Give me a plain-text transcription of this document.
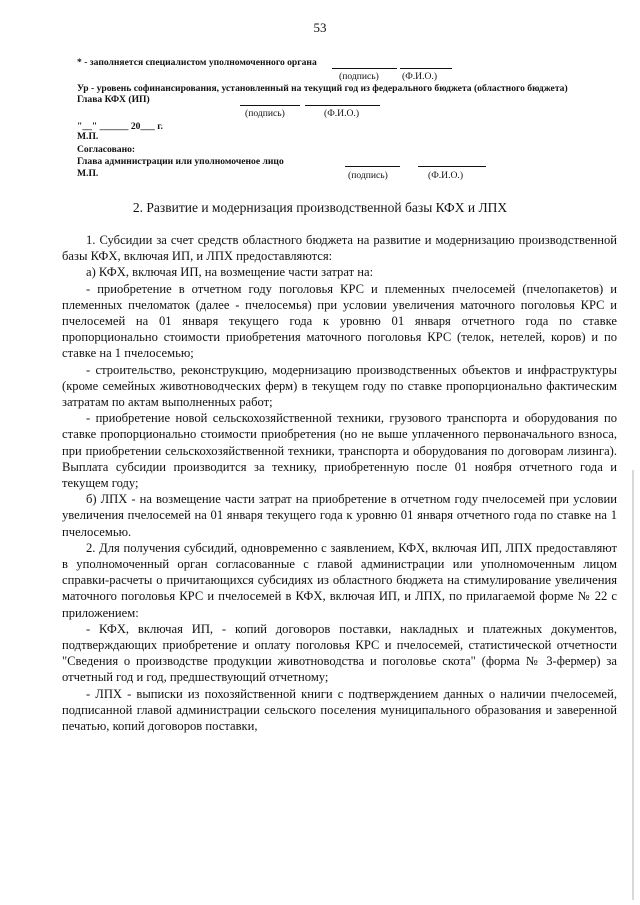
53
* - заполняется специалистом уполномоченного органа
(подпись) (Ф.И.О.)
Ур - уровень софинансирования, установленный на текущий год из федерального бюджета (областного бюджета)
Глава КФХ (ИП)
(подпись)	(Ф.И.О.)
"__" ______ 20___ г.
М.П.
Согласовано:
Глава администрации или уполномоченое лицо
М.П.	(подпись)	(Ф.И.О.)
2. Развитие и модернизация производственной базы КФХ и ЛПХ

1. Субсидии за счет средств областного бюджета на развитие и модернизацию производственной базы КФХ, включая ИП, и ЛПХ предоставляются:

а) КФХ, включая ИП, на возмещение части затрат на:

- приобретение в отчетном году поголовья КРС и племенных пчелосемей (пчелопакетов) и племенных пчеломаток (далее - пчелосемья) при условии увеличения маточного поголовья КРС и пчелосемей на 01 января текущего года к уровню 01 января отчетного года по ставке пропорционально стоимости приобретения маточного поголовья КРС (телок, нетелей, коров) и по ставке на 1 пчелосемью;

- строительство, реконструкцию, модернизацию производственных объектов и инфраструктуры (кроме семейных животноводческих ферм) в текущем году по ставке пропорционально фактическим затратам по актам выполненных работ;

- приобретение новой сельскохозяйственной техники, грузового транспорта и оборудования по ставке пропорционально стоимости приобретения (но не выше уплаченного первоначального взноса, при приобретении сельскохозяйственной техники, транспорта и оборудования по договорам лизинга). Выплата субсидии производится за технику, приобретенную после 01 ноября отчетного года и текущем году;

б) ЛПХ - на возмещение части затрат на приобретение в отчетном году пчелосемей при условии увеличения пчелосемей на 01 января текущего года к уровню 01 января отчетного года по ставке на 1 пчелосемью.

2. Для получения субсидий, одновременно с заявлением, КФХ, включая ИП, ЛПХ предоставляют в уполномоченный орган согласованные с главой администрации или уполномоченным лицом справки-расчеты о причитающихся субсидиях из областного бюджета на стимулирование увеличения маточного поголовья КРС и пчелосемей в КФХ, включая ИП, и ЛПХ, по прилагаемой форме № 22 с приложением:

- КФХ, включая ИП, - копий договоров поставки, накладных и платежных документов, подтверждающих приобретение и оплату поголовья КРС и пчелосемей, статистической отчетности "Сведения о производстве продукции животноводства и поголовье скота" (форма № 3-фермер) за отчетный год и год, предшествующий отчетному;

- ЛПХ - выписки из похозяйственной книги с подтверждением данных о наличии пчелосемей, подписанной главой администрации сельского поселения муниципального образования и заверенной печатью, копий договоров поставки,
